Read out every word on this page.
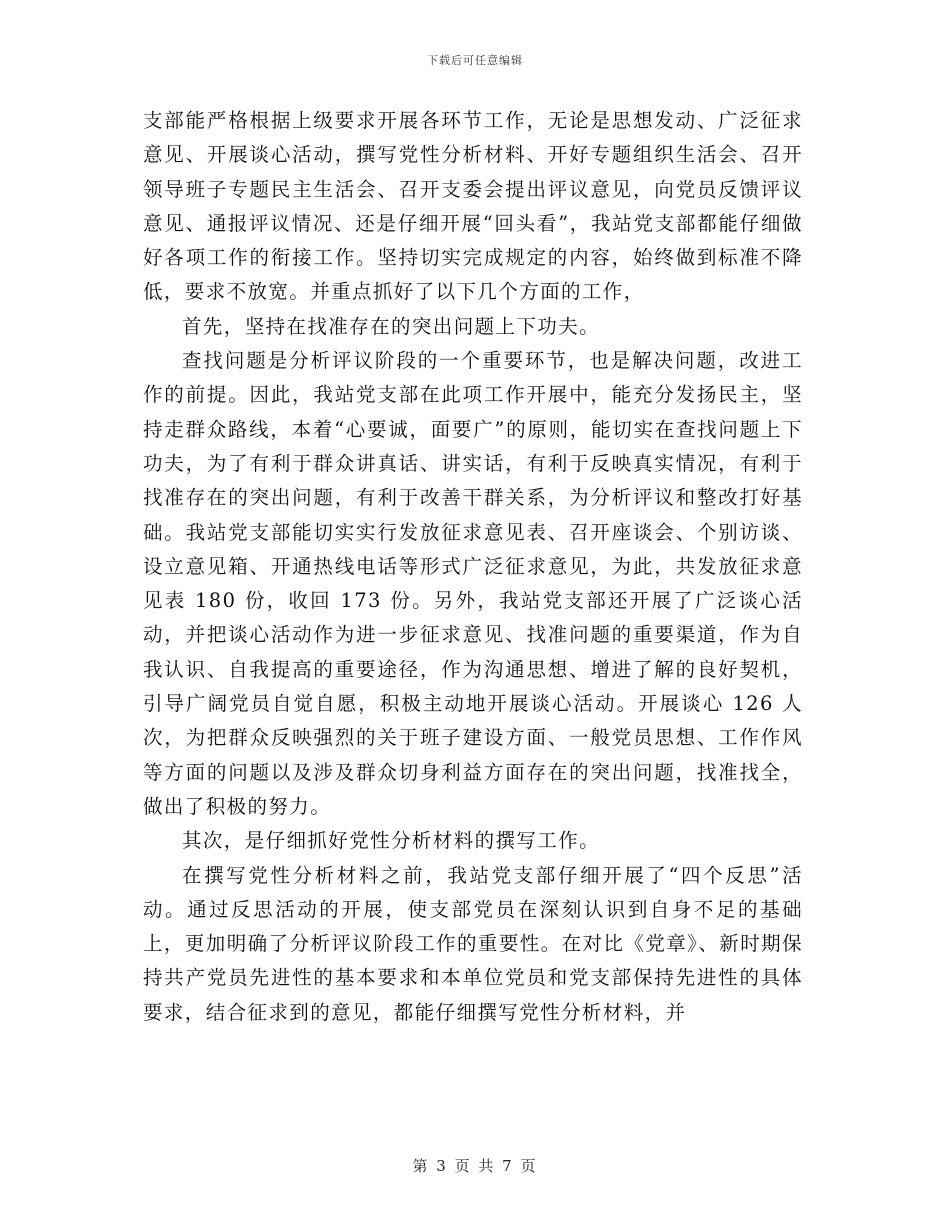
下载后可任意编辑

支部能严格根据上级要求开展各环节工作，无论是思想发动、广泛征求意见、开展谈心活动，撰写党性分析材料、开好专题组织生活会、召开领导班子专题民主生活会、召开支委会提出评议意见，向党员反馈评议意见、通报评议情况、还是仔细开展“回头看”，我站党支部都能仔细做好各项工作的衔接工作。坚持切实完成规定的内容，始终做到标准不降低，要求不放宽。并重点抓好了以下几个方面的工作，

首先，坚持在找准存在的突出问题上下功夫。

查找问题是分析评议阶段的一个重要环节，也是解决问题，改进工作的前提。因此，我站党支部在此项工作开展中，能充分发扬民主，坚持走群众路线，本着“心要诚，面要广”的原则，能切实在查找问题上下功夫，为了有利于群众讲真话、讲实话，有利于反映真实情况，有利于找准存在的突出问题，有利于改善干群关系，为分析评议和整改打好基础。我站党支部能切实实行发放征求意见表、召开座谈会、个别访谈、设立意见箱、开通热线电话等形式广泛征求意见，为此，共发放征求意见表 180 份，收回 173 份。另外，我站党支部还开展了广泛谈心活动，并把谈心活动作为进一步征求意见、找准问题的重要渠道，作为自我认识、自我提高的重要途径，作为沟通思想、增进了解的良好契机，引导广阔党员自觉自愿，积极主动地开展谈心活动。开展谈心 126 人次，为把群众反映强烈的关于班子建设方面、一般党员思想、工作作风等方面的问题以及涉及群众切身利益方面存在的突出问题，找准找全，做出了积极的努力。

其次，是仔细抓好党性分析材料的撰写工作。

在撰写党性分析材料之前，我站党支部仔细开展了“四个反思”活动。通过反思活动的开展，使支部党员在深刻认识到自身不足的基础上，更加明确了分析评议阶段工作的重要性。在对比《党章》、新时期保持共产党员先进性的基本要求和本单位党员和党支部保持先进性的具体要求，结合征求到的意见，都能仔细撰写党性分析材料，并

第 3 页 共 7 页
